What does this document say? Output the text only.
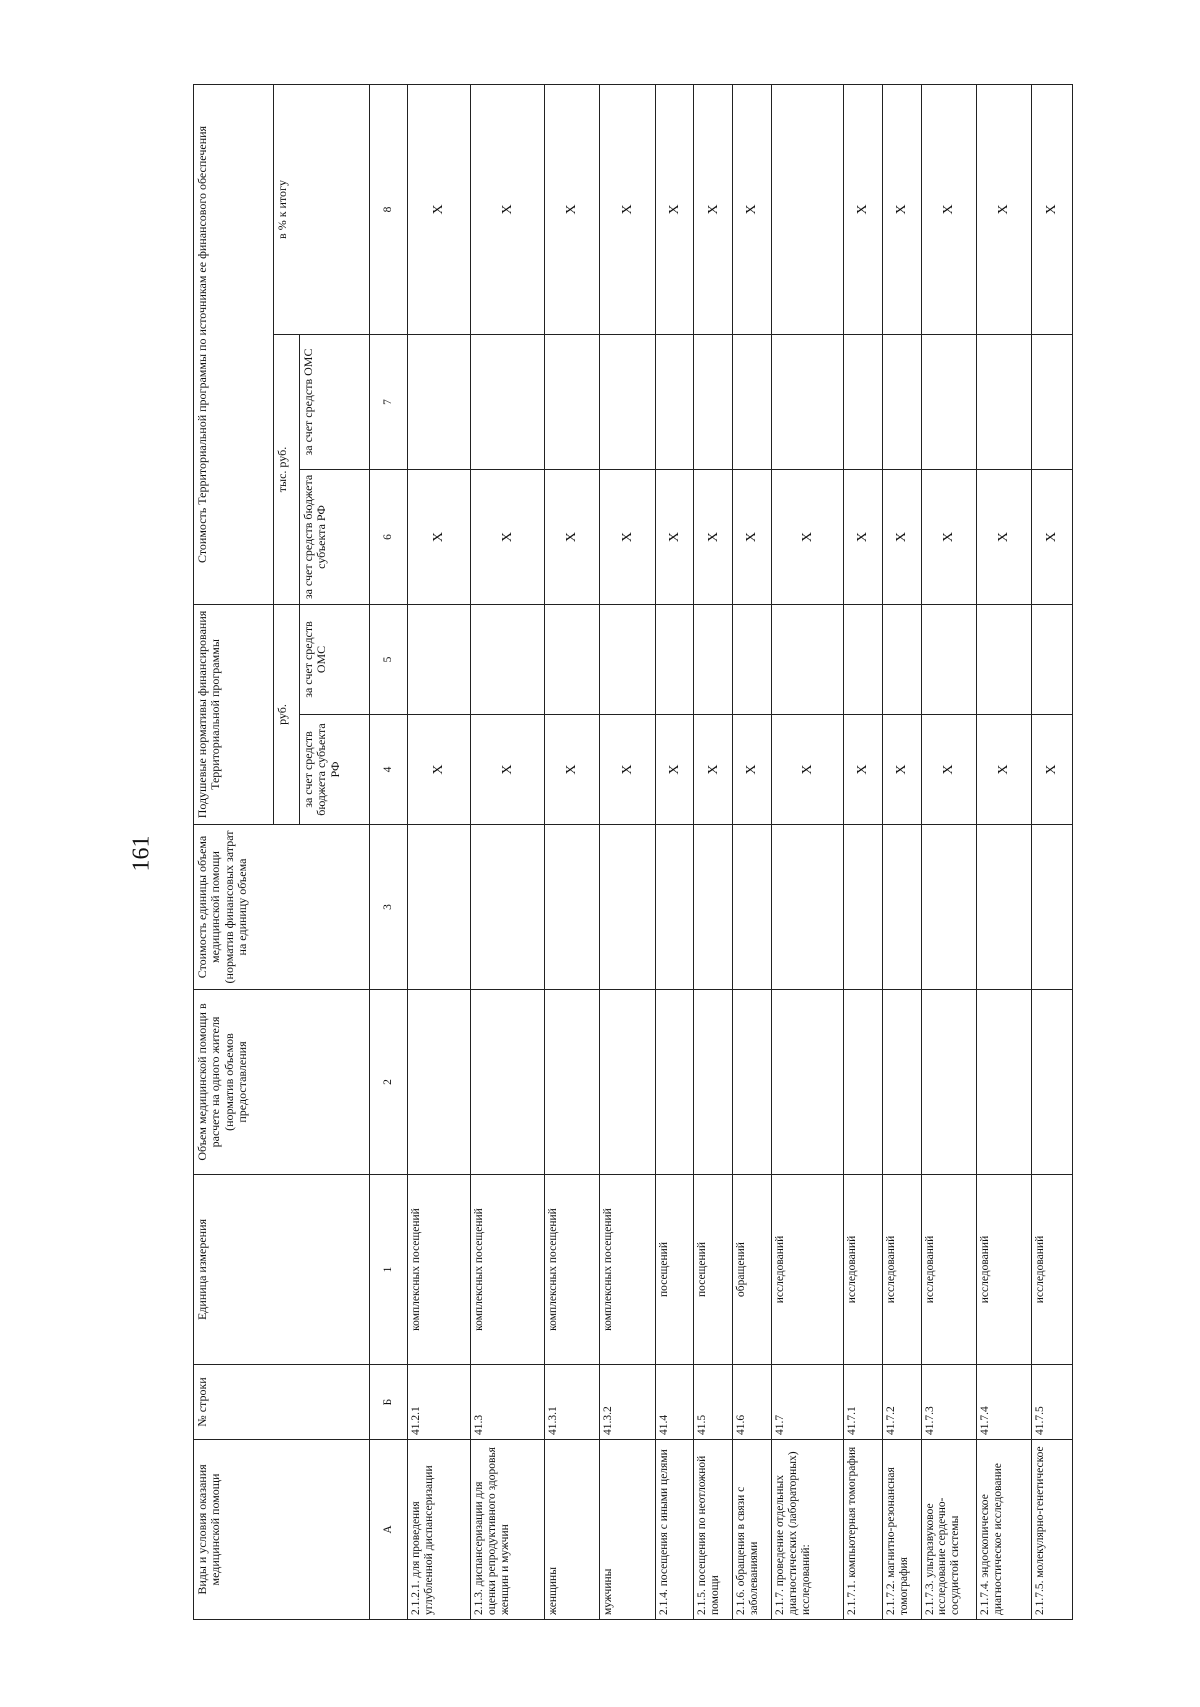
161
Виды и условия оказания медицинской помощи	№ строки	Единица измерения	Объем медицинской помощи в расчете на одного жителя (норматив объемов предоставления	Стоимость единицы объема медицинской помощи (норматив финансовых затрат на единицу объема	Подушевые нормативы финансирования Территориальной программы		Стоимость Территориальной программы по источникам ее финансового обеспечения		
					руб.		тыс. руб.		в % к итогу
					за счет средств бюджета субъекта РФ	за счет средств ОМС	за счет средств бюджета субъекта РФ	за счет средств ОМС	
А	Б	1	2	3	4	5	6	7	8
2.1.2.1. для проведения углубленной диспансеризации	41.2.1	комплексных посещений			X		X		X
2.1.3. диспансеризации для оценки репродуктивного здоровья женщин и мужчин	41.3	комплексных посещений			X		X		X
женщины	41.3.1	комплексных посещений			X		X		X
мужчины	41.3.2	комплексных посещений			X		X		X
2.1.4. посещения с иными целями	41.4	посещений			X		X		X
2.1.5. посещения по неотложной помощи	41.5	посещений			X		X		X
2.1.6. обращения в связи с заболеваниями	41.6	обращений			X		X		X
2.1.7. проведение отдельных диагностических (лабораторных) исследований:	41.7	исследований			X		X		
2.1.7.1. компьютерная томография	41.7.1	исследований			X		X		X
2.1.7.2. магнитно-резонансная томография	41.7.2	исследований			X		X		X
2.1.7.3. ультразвуковое исследование сердечно-сосудистой системы	41.7.3	исследований			X		X		X
2.1.7.4. эндоскопическое диагностическое исследование	41.7.4	исследований			X		X		X
2.1.7.5. молекулярно-генетическое	41.7.5	исследований			X		X		X
